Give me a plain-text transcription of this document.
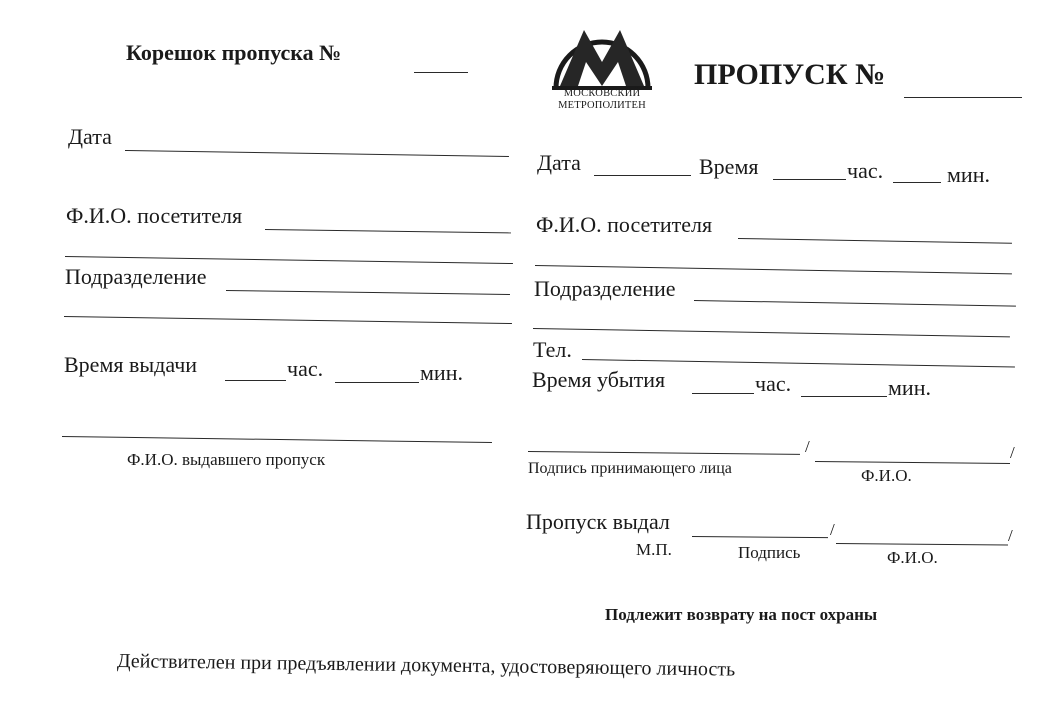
Корешок пропуска №
Дата
Ф.И.О. посетителя
Подразделение
Время выдачи	час.	мин.
Ф.И.О. выдавшего пропуск
МОСКОВСКИЙ
МЕТРОПОЛИТЕН
ПРОПУСК №
Дата	Время	час.	мин.
Ф.И.О. посетителя
Подразделение
Тел.
Время убытия	час.	мин.
/	/
Подпись принимающего лица	Ф.И.О.
Пропуск выдал	/	/
М.П.	Подпись	Ф.И.О.
Подлежит возврату на пост охраны
Действителен при предъявлении документа, удостоверяющего личность
